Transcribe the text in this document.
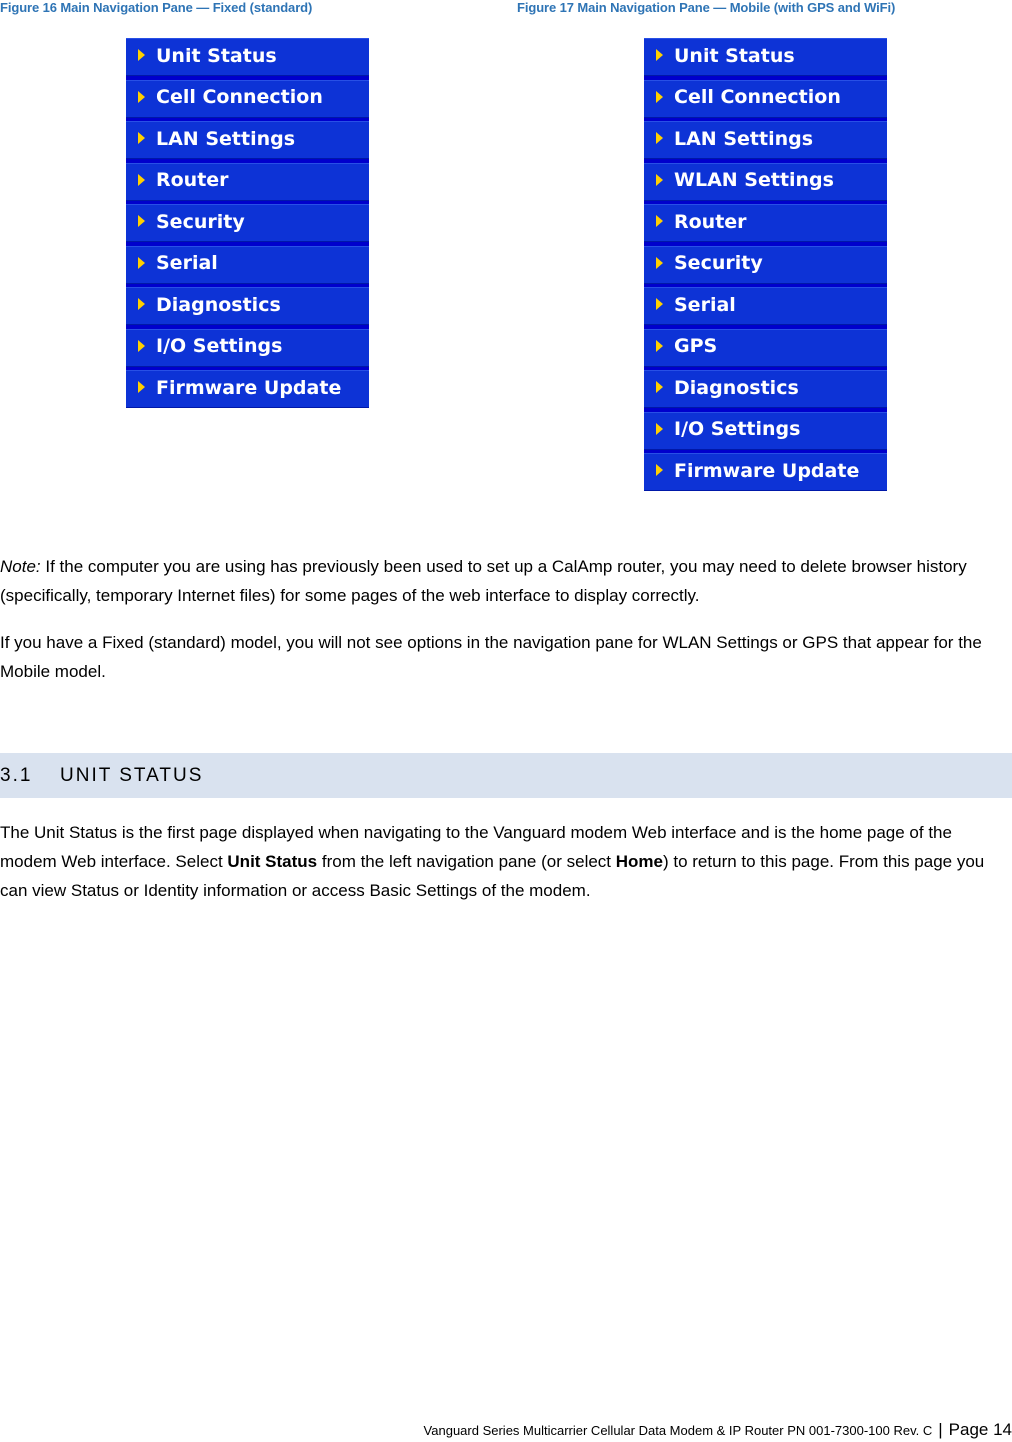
Figure 16 Main Navigation Pane — Fixed (standard)	Figure 17 Main Navigation Pane — Mobile (with GPS and WiFi)
Unit Status
Cell Connection
LAN Settings
Router
Security
Serial
Diagnostics
I/O Settings
Firmware Update
Unit Status
Cell Connection
LAN Settings
WLAN Settings
Router
Security
Serial
GPS
Diagnostics
I/O Settings
Firmware Update

Note: If the computer you are using has previously been used to set up a CalAmp router, you may need to delete browser history (specifically, temporary Internet files) for some pages of the web interface to display correctly.

If you have a Fixed (standard) model, you will not see options in the navigation pane for WLAN Settings or GPS that appear for the Mobile model.

3.1	UNIT STATUS

The Unit Status is the first page displayed when navigating to the Vanguard modem Web interface and is the home page of the modem Web interface. Select Unit Status from the left navigation pane (or select Home) to return to this page. From this page you can view Status or Identity information or access Basic Settings of the modem.

Vanguard Series Multicarrier Cellular Data Modem & IP Router PN 001-7300-100 Rev. C | Page 14
